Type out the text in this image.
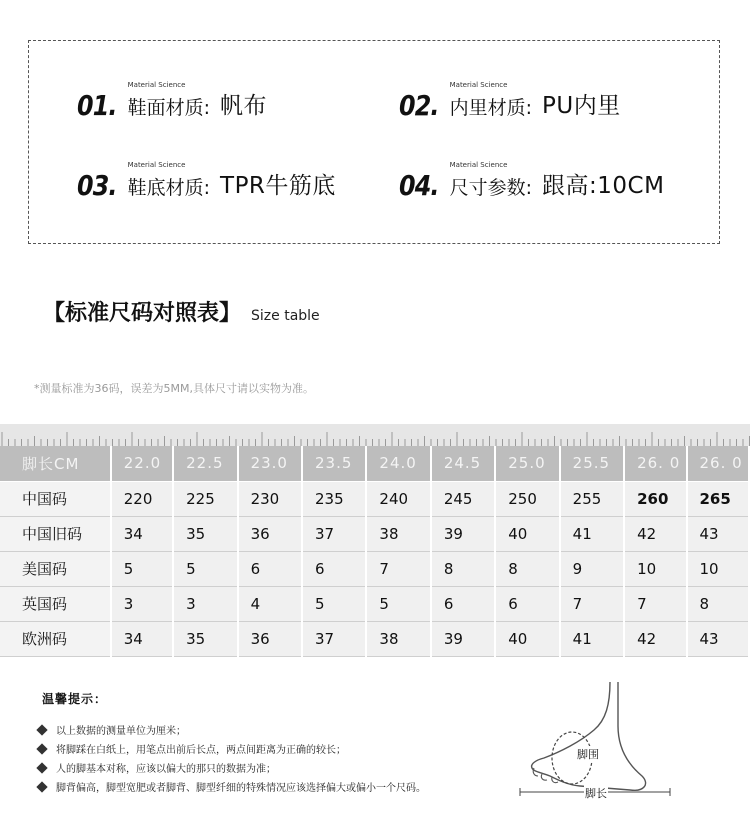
01.
Material Science
鞋面材质: 帆布	02.
Material Science
内里材质: PU内里
03.
Material Science
鞋底材质: TPR牛筋底 04.
Material Science
尺寸参数: 跟高:10CM
【标准尺码对照表】 Size table
*测量标准为36码，误差为5MM,具体尺寸请以实物为准。
脚长CM	22.0	22.5	23.0	23.5	24.0	24.5	25.0	25.5	26. 0	26. 0
中国码	220	225	230	235	240	245	250	255	260	265
中国旧码	34	35	36	37	38	39	40	41	42	43
美国码	5	5	6	6	7	8	8	9	10	10
英国码	3	3	4	5	5	6	6	7	7	8
欧洲码	34	35	36	37	38	39	40	41	42	43
温馨提示：
以上数据的测量单位为厘米；
将脚踩在白纸上，用笔点出前后长点，两点间距离为正确的较长；
人的脚基本对称，应该以偏大的那只的数据为准；
脚背偏高，脚型宽肥或者脚背、脚型纤细的特殊情况应该选择偏大或偏小一个尺码。
脚围
脚长
